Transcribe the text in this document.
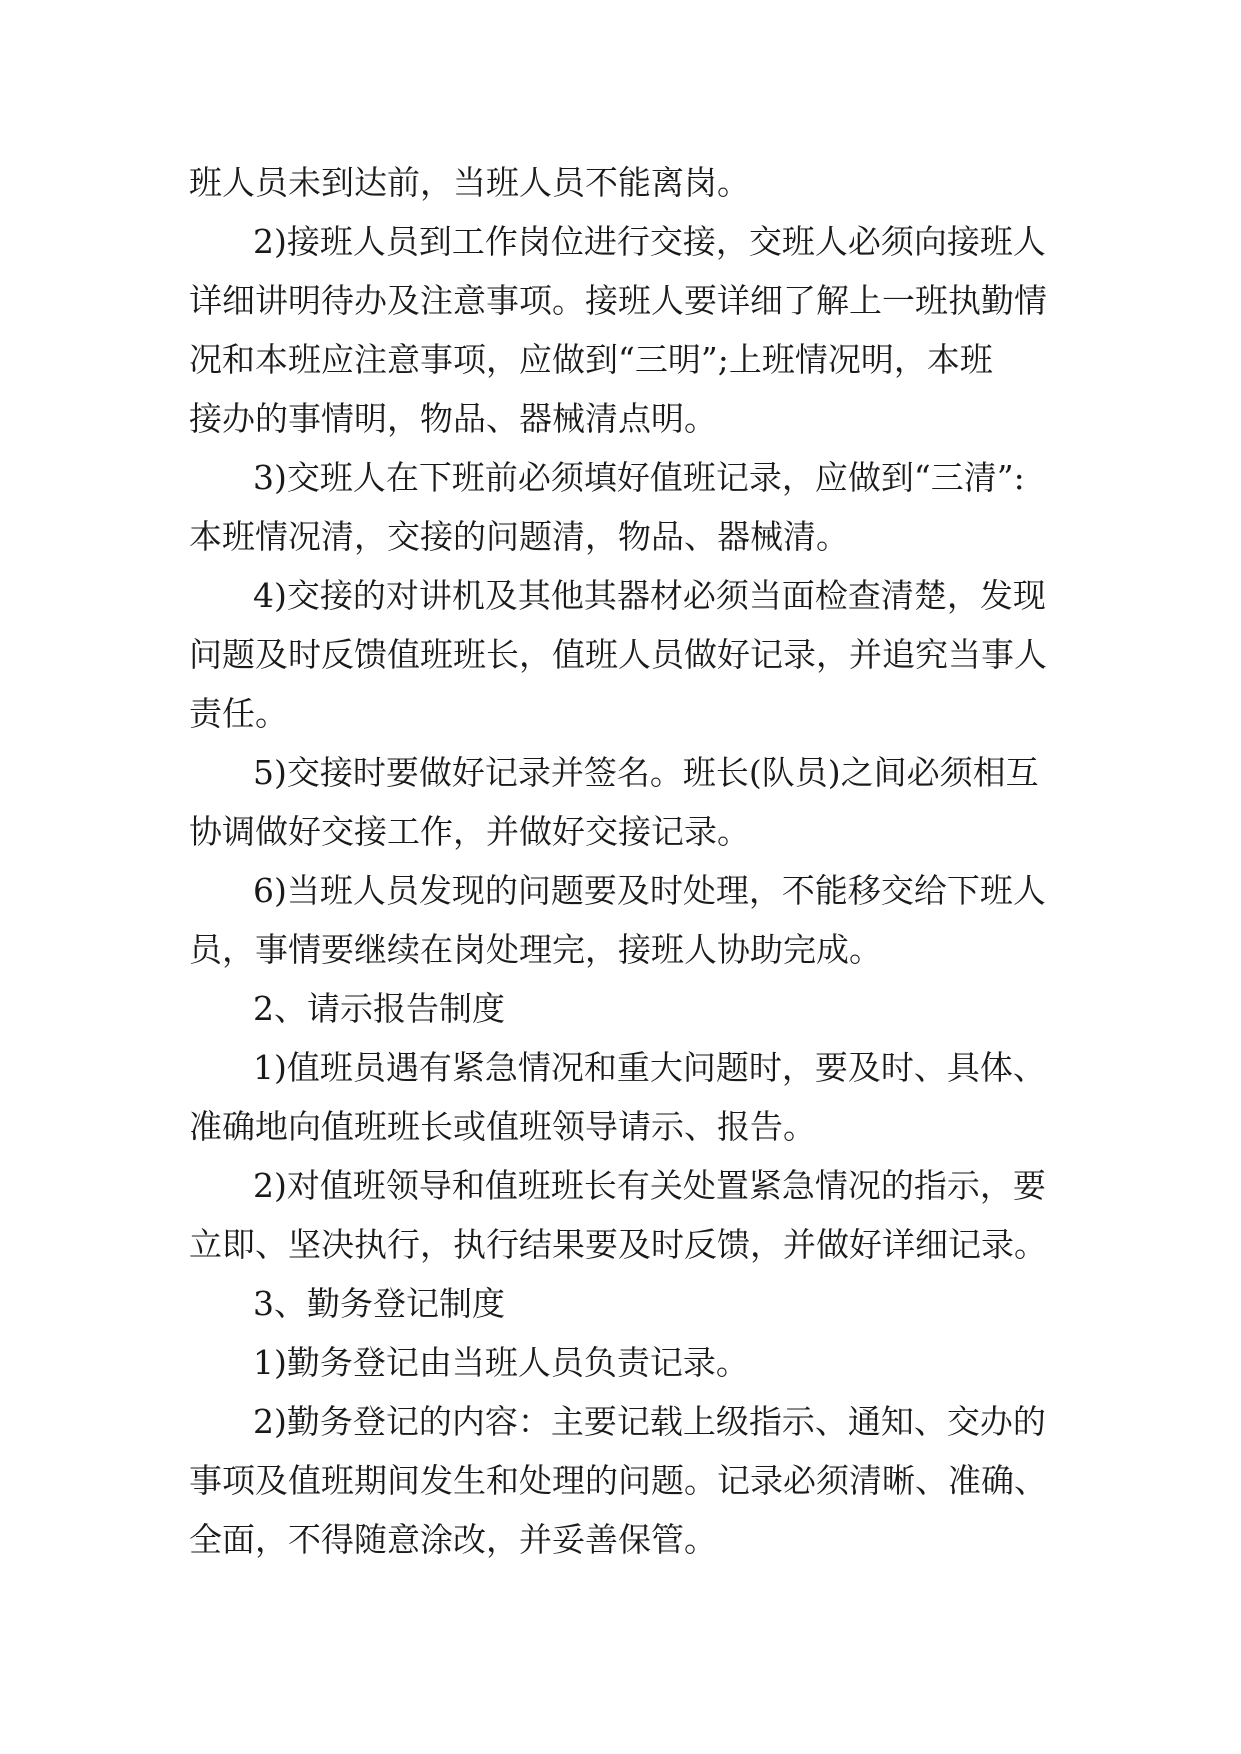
班人员未到达前，当班人员不能离岗。
2)接班人员到工作岗位进行交接，交班人必须向接班人
详细讲明待办及注意事项。接班人要详细了解上一班执勤情
况和本班应注意事项，应做到“三明”;上班情况明，本班
接办的事情明，物品、器械清点明。
3)交班人在下班前必须填好值班记录，应做到“三清”:
本班情况清，交接的问题清，物品、器械清。
4)交接的对讲机及其他其器材必须当面检查清楚，发现
问题及时反馈值班班长，值班人员做好记录，并追究当事人
责任。
5)交接时要做好记录并签名。班长(队员)之间必须相互
协调做好交接工作，并做好交接记录。
6)当班人员发现的问题要及时处理，不能移交给下班人
员，事情要继续在岗处理完，接班人协助完成。
2、请示报告制度
1)值班员遇有紧急情况和重大问题时，要及时、具体、
准确地向值班班长或值班领导请示、报告。
2)对值班领导和值班班长有关处置紧急情况的指示，要
立即、坚决执行，执行结果要及时反馈，并做好详细记录。
3、勤务登记制度
1)勤务登记由当班人员负责记录。
2)勤务登记的内容：主要记载上级指示、通知、交办的
事项及值班期间发生和处理的问题。记录必须清晰、准确、
全面，不得随意涂改，并妥善保管。
